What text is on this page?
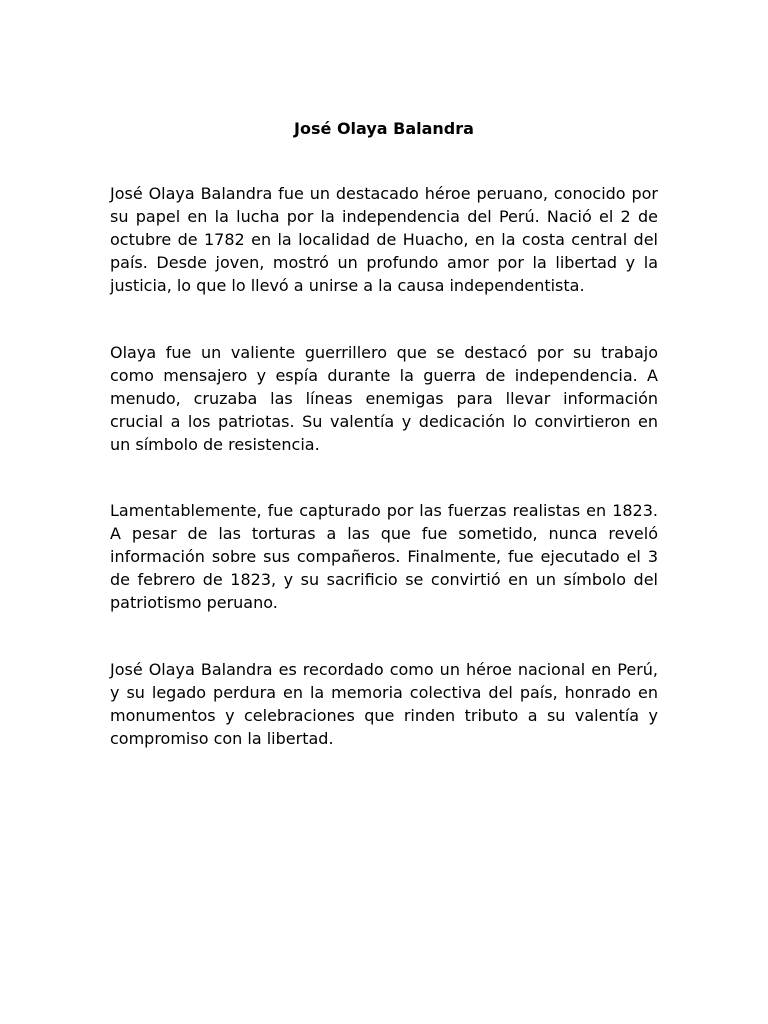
José Olaya Balandra

José Olaya Balandra fue un destacado héroe peruano, conocido por su papel en la lucha por la independencia del Perú. Nació el 2 de octubre de 1782 en la localidad de Huacho, en la costa central del país. Desde joven, mostró un profundo amor por la libertad y la justicia, lo que lo llevó a unirse a la causa independentista.

Olaya fue un valiente guerrillero que se destacó por su trabajo como mensajero y espía durante la guerra de independencia. A menudo, cruzaba las líneas enemigas para llevar información crucial a los patriotas. Su valentía y dedicación lo convirtieron en un símbolo de resistencia.

Lamentablemente, fue capturado por las fuerzas realistas en 1823. A pesar de las torturas a las que fue sometido, nunca reveló información sobre sus compañeros. Finalmente, fue ejecutado el 3 de febrero de 1823, y su sacrificio se convirtió en un símbolo del patriotismo peruano.

José Olaya Balandra es recordado como un héroe nacional en Perú, y su legado perdura en la memoria colectiva del país, honrado en monumentos y celebraciones que rinden tributo a su valentía y compromiso con la libertad.
